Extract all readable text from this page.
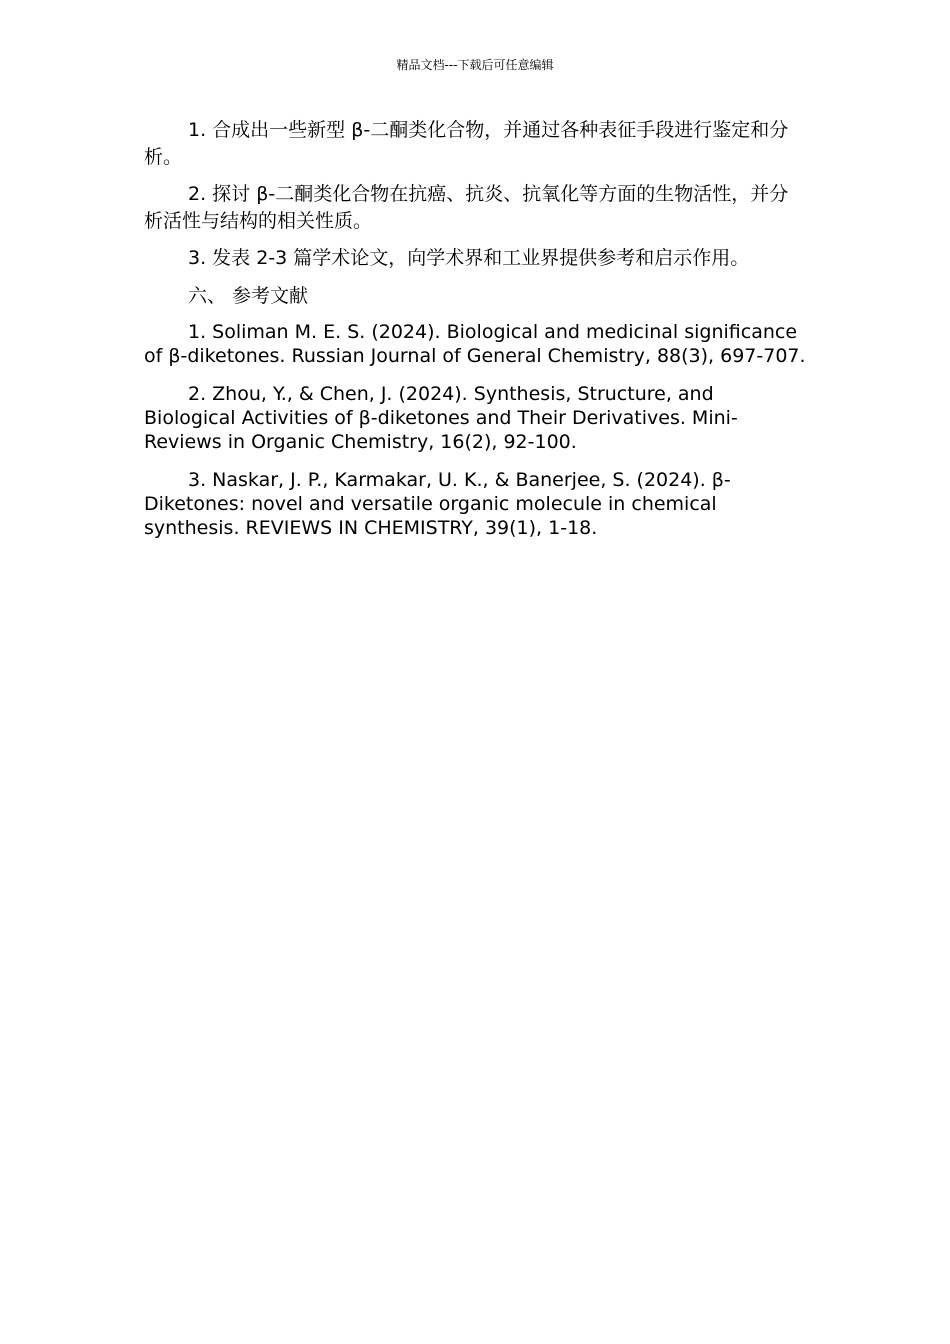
精品文档---下载后可任意编辑

1. 合成出一些新型 β-二酮类化合物，并通过各种表征手段进行鉴定和分析。

2. 探讨 β-二酮类化合物在抗癌、抗炎、抗氧化等方面的生物活性，并分析活性与结构的相关性质。

3. 发表 2-3 篇学术论文，向学术界和工业界提供参考和启示作用。

六、 参考文献

1. Soliman M. E. S. (2024). Biological and medicinal significance of β-diketones. Russian Journal of General Chemistry, 88(3), 697-707.

2. Zhou, Y., & Chen, J. (2024). Synthesis, Structure, and Biological Activities of β-diketones and Their Derivatives. Mini-Reviews in Organic Chemistry, 16(2), 92-100.

3. Naskar, J. P., Karmakar, U. K., & Banerjee, S. (2024). β-Diketones: novel and versatile organic molecule in chemical synthesis. REVIEWS IN CHEMISTRY, 39(1), 1-18.
